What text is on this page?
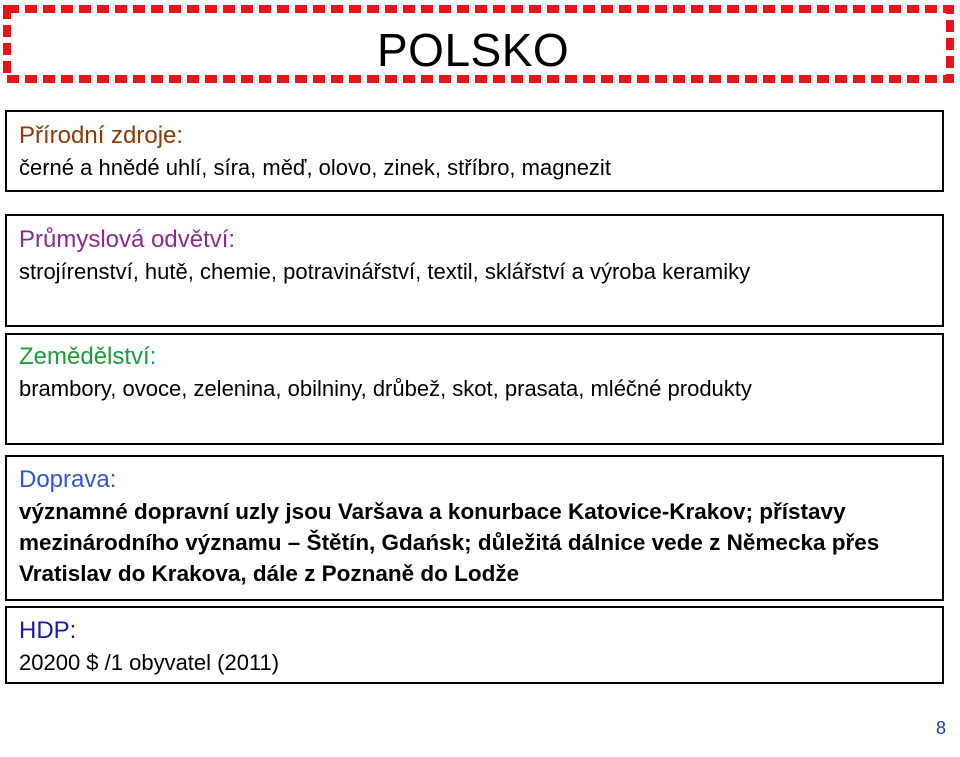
POLSKO
Přírodní zdroje:
černé a hnědé uhlí, síra, měď, olovo, zinek, stříbro, magnezit
Průmyslová odvětví:
strojírenství, hutě, chemie, potravinářství, textil, sklářství a výroba keramiky
Zemědělství:
brambory, ovoce, zelenina, obilniny, drůbež, skot, prasata, mléčné produkty
Doprava:
významné dopravní uzly jsou Varšava a konurbace Katovice-Krakov; přístavy mezinárodního významu – Štětín, Gdańsk; důležitá dálnice vede z Německa přes Vratislav do Krakova, dále z Poznaně do Lodže
HDP:
20200 $ /1 obyvatel (2011)
8
